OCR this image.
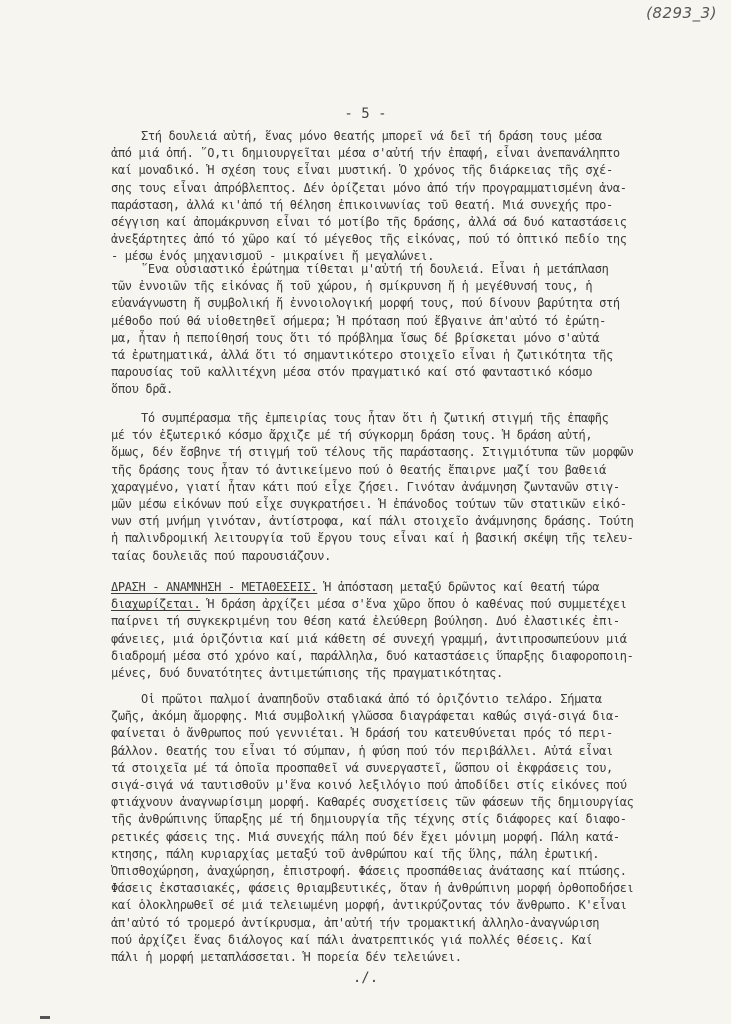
(8293_3)
- 5 -
Στή δουλειά αὐτή, ἕνας μόνο θεατής μπορεῖ νά δεῖ τή δράση τους μέσα
ἀπό μιά ὀπή. ῞Ο,τι δημιουργεῖται μέσα σ'αὐτή τήν ἐπαφή, εἶναι ἀνεπανάληπτο
καί μοναδικό. Ἡ σχέση τους εἶναι μυστική. Ὁ χρόνος τῆς διάρκειας τῆς σχέ-
σης τους εἶναι ἀπρόβλεπτος. Δέν ὁρίζεται μόνο ἀπό τήν προγραμματισμένη ἀνα-
παράσταση, ἀλλά κι'ἀπό τή θέληση ἐπικοινωνίας τοῦ θεατή. Μιά συνεχής προ-
σέγγιση καί ἀπομάκρυνση εἶναι τό μοτίβο τῆς δράσης, ἀλλά σά δυό καταστάσεις
ἀνεξάρτητες ἀπό τό χῶρο καί τό μέγεθος τῆς εἰκόνας, πού τό ὀπτικό πεδίο της
- μέσω ἑνός μηχανισμοῦ - μικραίνει ἤ μεγαλώνει.
῞Ενα οὐσιαστικό ἐρώτημα τίθεται μ'αὐτή τή δουλειά. Εἶναι ἡ μετάπλαση
τῶν ἐννοιῶν τῆς εἰκόνας ἤ τοῦ χώρου, ἡ σμίκρυνση ἤ ἡ μεγέθυνσή τους, ἡ
εὐανάγνωστη ἤ συμβολική ἤ ἐννοιολογική μορφή τους, πού δίνουν βαρύτητα στή
μέθοδο πού θά υἱοθετηθεῖ σήμερα; Ἡ πρόταση πού ἔβγαινε ἀπ'αὐτό τό ἐρώτη-
μα, ἦταν ἡ πεποίθησή τους ὅτι τό πρόβλημα ἴσως δέ βρίσκεται μόνο σ'αὐτά
τά ἐρωτηματικά, ἀλλά ὅτι τό σημαντικότερο στοιχεῖο εἶναι ἡ ζωτικότητα τῆς
παρουσίας τοῦ καλλιτέχνη μέσα στόν πραγματικό καί στό φανταστικό κόσμο
ὅπου δρᾶ.
Τό συμπέρασμα τῆς ἐμπειρίας τους ἦταν ὅτι ἡ ζωτική στιγμή τῆς ἐπαφῆς
μέ τόν ἐξωτερικό κόσμο ἄρχιζε μέ τή σύγκορμη δράση τους. Ἡ δράση αὐτή,
ὅμως, δέν ἔσβηνε τή στιγμή τοῦ τέλους τῆς παράστασης. Στιγμιότυπα τῶν μορφῶν
τῆς δράσης τους ἦταν τό ἀντικείμενο πού ὁ θεατής ἔπαιρνε μαζί του βαθειά
χαραγμένο, γιατί ἦταν κάτι πού εἶχε ζήσει. Γινόταν ἀνάμνηση ζωντανῶν στιγ-
μῶν μέσω εἰκόνων πού εἶχε συγκρατήσει. Ἡ ἐπάνοδος τούτων τῶν στατικῶν εἰκό-
νων στή μνήμη γινόταν, ἀντίστροφα, καί πάλι στοιχεῖο ἀνάμνησης δράσης. Τούτη
ἡ παλινδρομική λειτουργία τοῦ ἔργου τους εἶναι καί ἡ βασική σκέψη τῆς τελευ-
ταίας δουλειᾶς πού παρουσιάζουν.
ΔΡΑΣΗ - ΑΝΑΜΝΗΣΗ - ΜΕΤΑΘΕΣΕΙΣ. Ἡ ἀπόσταση μεταξύ δρῶντος καί θεατή τώρα
διαχωρίζεται. Ἡ δράση ἀρχίζει μέσα σ'ἕνα χῶρο ὅπου ὁ καθένας πού συμμετέχει
παίρνει τή συγκεκριμένη του θέση κατά ἐλεύθερη βούληση. Δυό ἐλαστικές ἐπι-
φάνειες, μιά ὁριζόντια καί μιά κάθετη σέ συνεχή γραμμή, ἀντιπροσωπεύουν μιά
διαδρομή μέσα στό χρόνο καί, παράλληλα, δυό καταστάσεις ὕπαρξης διαφοροποιη-
μένες, δυό δυνατότητες ἀντιμετώπισης τῆς πραγματικότητας.
Οἱ πρῶτοι παλμοί ἀναπηδοῦν σταδιακά ἀπό τό ὁριζόντιο τελάρο. Σήματα
ζωῆς, ἀκόμη ἄμορφης. Μιά συμβολική γλῶσσα διαγράφεται καθώς σιγά-σιγά δια-
φαίνεται ὁ ἄνθρωπος πού γεννιέται. Ἡ δράσή του κατευθύνεται πρός τό περι-
βάλλον. Θεατής του εἶναι τό σύμπαν, ἡ φύση πού τόν περιβάλλει. Αὐτά εἶναι
τά στοιχεῖα μέ τά ὁποῖα προσπαθεῖ νά συνεργαστεῖ, ὥσπου οἱ ἐκφράσεις του,
σιγά-σιγά νά ταυτισθοῦν μ'ἕνα κοινό λεξιλόγιο πού ἀποδίδει στίς εἰκόνες πού
φτιάχνουν ἀναγνωρίσιμη μορφή. Καθαρές συσχετίσεις τῶν φάσεων τῆς δημιουργίας
τῆς ἀνθρώπινης ὕπαρξης μέ τή δημιουργία τῆς τέχνης στίς διάφορες καί διαφο-
ρετικές φάσεις της. Μιά συνεχής πάλη πού δέν ἔχει μόνιμη μορφή. Πάλη κατά-
κτησης, πάλη κυριαρχίας μεταξύ τοῦ ἀνθρώπου καί τῆς ὕλης, πάλη ἐρωτική.
Ὀπισθοχώρηση, ἀναχώρηση, ἐπιστροφή. Φάσεις προσπάθειας ἀνάτασης καί πτώσης.
Φάσεις ἐκστασιακές, φάσεις θριαμβευτικές, ὅταν ἡ ἀνθρώπινη μορφή ὀρθοποδήσει
καί ὁλοκληρωθεῖ σέ μιά τελειωμένη μορφή, ἀντικρύζοντας τόν ἄνθρωπο. Κ'εἶναι
ἀπ'αὐτό τό τρομερό ἀντίκρυσμα, ἀπ'αὐτή τήν τρομακτική ἀλληλο-ἀναγνώριση
πού ἀρχίζει ἕνας διάλογος καί πάλι ἀνατρεπτικός γιά πολλές θέσεις. Καί
πάλι ἡ μορφή μεταπλάσσεται. Ἡ πορεία δέν τελειώνει.
./.
